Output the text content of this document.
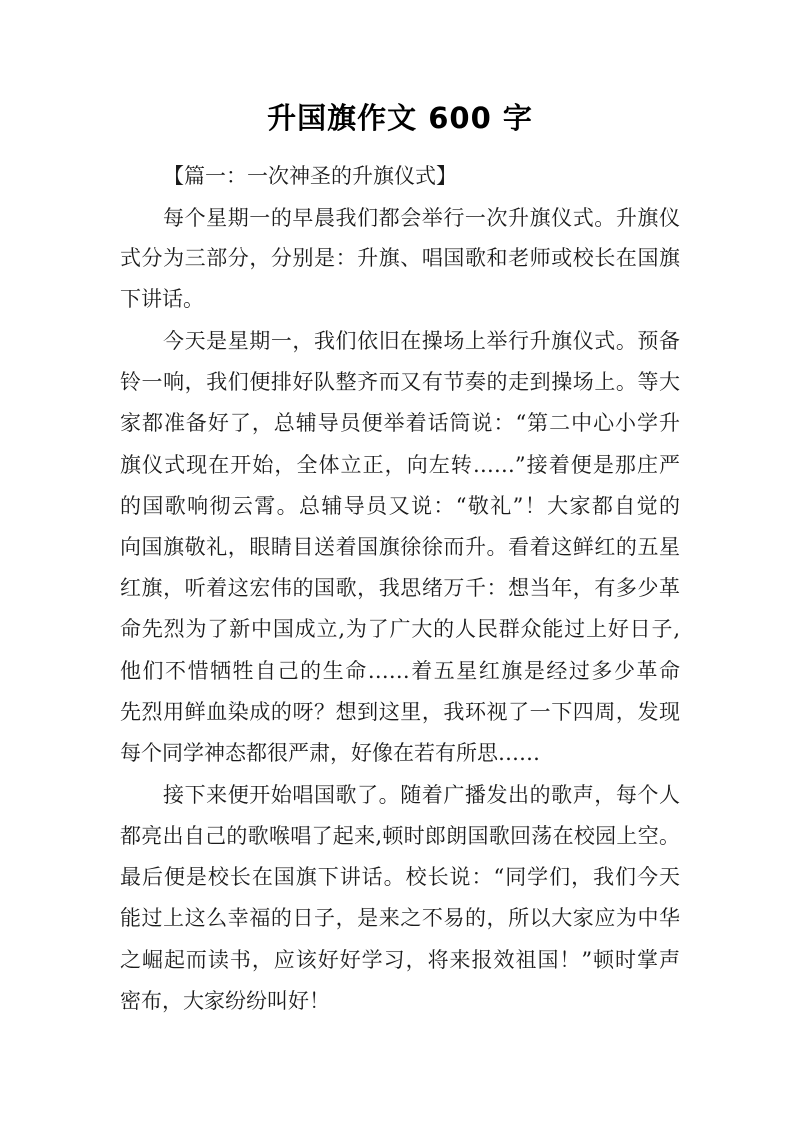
升国旗作文 600 字
【篇一：一次神圣的升旗仪式】
每个星期一的早晨我们都会举行一次升旗仪式。升旗仪
式分为三部分，分别是：升旗、唱国歌和老师或校长在国旗
下讲话。
今天是星期一，我们依旧在操场上举行升旗仪式。预备
铃一响，我们便排好队整齐而又有节奏的走到操场上。等大
家都准备好了，总辅导员便举着话筒说：“第二中心小学升
旗仪式现在开始，全体立正，向左转……”接着便是那庄严
的国歌响彻云霄。总辅导员又说：“敬礼”！大家都自觉的
向国旗敬礼，眼睛目送着国旗徐徐而升。看着这鲜红的五星
红旗，听着这宏伟的国歌，我思绪万千：想当年，有多少革
命先烈为了新中国成立,为了广大的人民群众能过上好日子,
他们不惜牺牲自己的生命……着五星红旗是经过多少革命
先烈用鲜血染成的呀？想到这里，我环视了一下四周，发现
每个同学神态都很严肃，好像在若有所思……
接下来便开始唱国歌了。随着广播发出的歌声，每个人
都亮出自己的歌喉唱了起来,顿时郎朗国歌回荡在校园上空。
最后便是校长在国旗下讲话。校长说：“同学们，我们今天
能过上这么幸福的日子，是来之不易的，所以大家应为中华
之崛起而读书，应该好好学习，将来报效祖国！”顿时掌声
密布，大家纷纷叫好！
